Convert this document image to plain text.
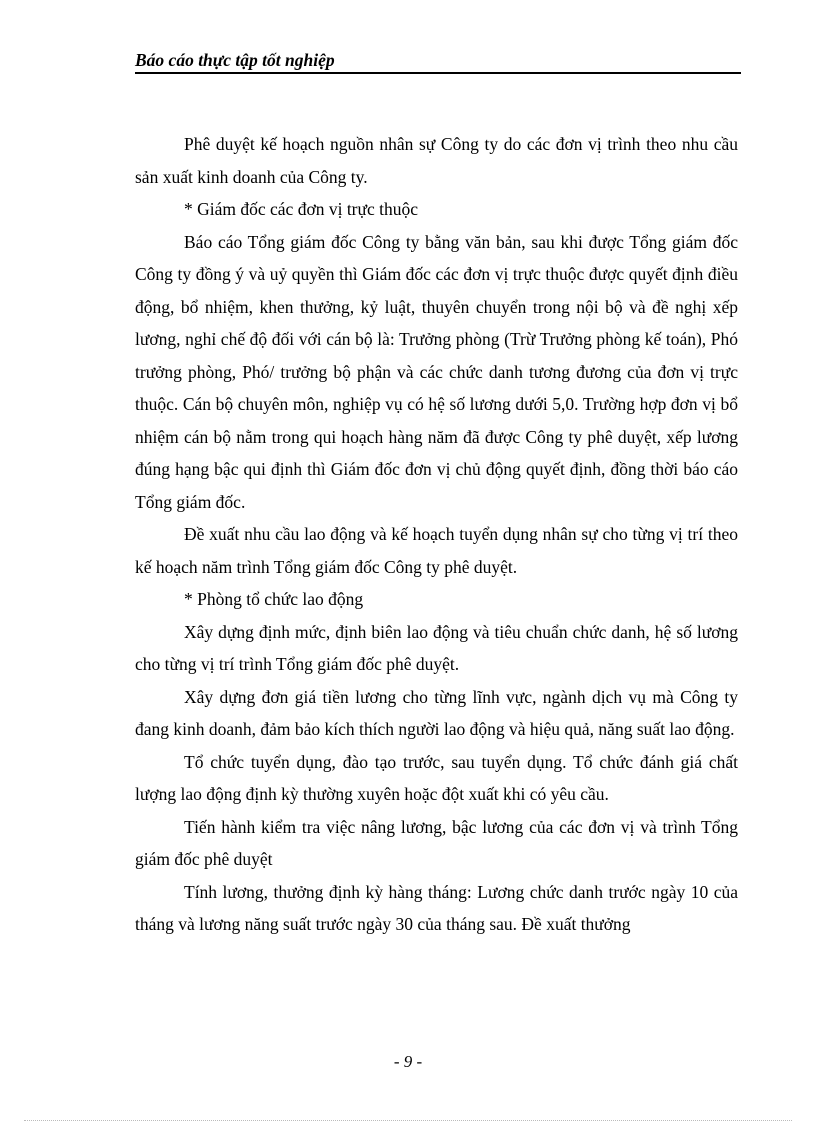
Báo cáo thực tập tốt nghiệp

Phê duyệt kế hoạch nguồn nhân sự Công ty do các đơn vị trình theo nhu cầu sản xuất kinh doanh của Công ty.

* Giám đốc các đơn vị trực thuộc

Báo cáo Tổng giám đốc Công ty bằng văn bản, sau khi được Tổng giám đốc Công ty đồng ý và uỷ quyền thì Giám đốc các đơn vị trực thuộc được quyết định điều động, bổ nhiệm, khen thưởng, kỷ luật, thuyên chuyển trong nội bộ và đề nghị xếp lương, nghỉ chế độ đối với cán bộ là: Trưởng phòng (Trừ Trưởng phòng kế toán), Phó trưởng phòng, Phó/ trưởng bộ phận và các chức danh tương đương của đơn vị trực thuộc. Cán bộ chuyên môn, nghiệp vụ có hệ số lương dưới 5,0. Trường hợp đơn vị bổ nhiệm cán bộ nằm trong qui hoạch hàng năm đã được Công ty phê duyệt, xếp lương đúng hạng bậc qui định thì Giám đốc đơn vị chủ động quyết định, đồng thời báo cáo Tổng giám đốc.

Đề xuất nhu cầu lao động và kế hoạch tuyển dụng nhân sự cho từng vị trí theo kế hoạch năm trình Tổng giám đốc Công ty phê duyệt.

* Phòng tổ chức lao động

Xây dựng định mức, định biên lao động và tiêu chuẩn chức danh, hệ số lương cho từng vị trí trình Tổng giám đốc phê duyệt.

Xây dựng đơn giá tiền lương cho từng lĩnh vực, ngành dịch vụ mà Công ty đang kinh doanh, đảm bảo kích thích người lao động và hiệu quả, năng suất lao động.

Tổ chức tuyển dụng, đào tạo trước, sau tuyển dụng. Tổ chức đánh giá chất lượng lao động định kỳ thường xuyên hoặc đột xuất khi có yêu cầu.

Tiến hành kiểm tra việc nâng lương, bậc lương của các đơn vị và trình Tổng giám đốc phê duyệt

Tính lương, thưởng định kỳ hàng tháng: Lương chức danh trước ngày 10 của tháng và lương năng suất trước ngày 30 của tháng sau. Đề xuất thưởng

- 9 -
